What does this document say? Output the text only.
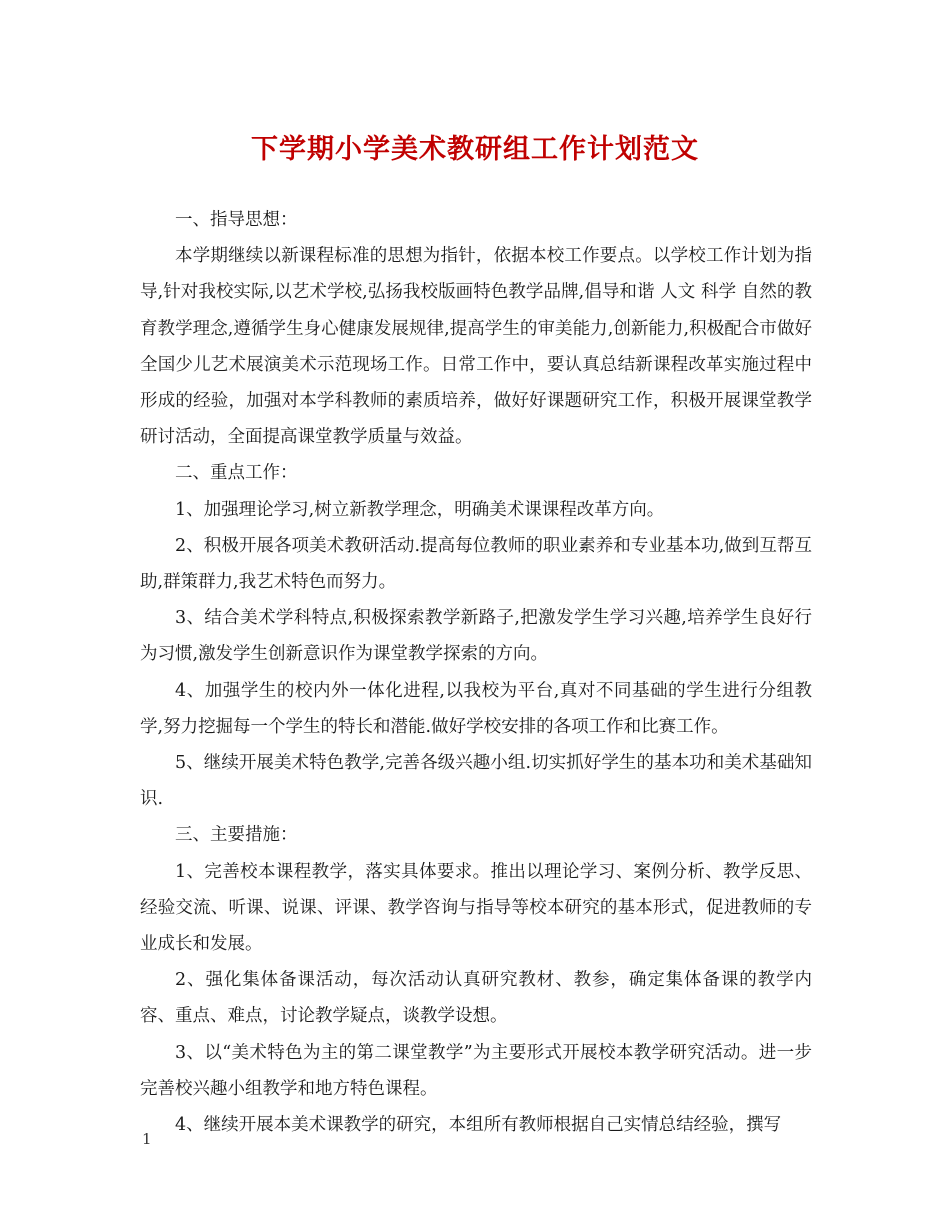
下学期小学美术教研组工作计划范文

一、指导思想：

本学期继续以新课程标准的思想为指针，依据本校工作要点。以学校工作计划为指导,针对我校实际,以艺术学校,弘扬我校版画特色教学品牌,倡导和谐 人文 科学 自然的教育教学理念,遵循学生身心健康发展规律,提高学生的审美能力,创新能力,积极配合市做好全国少儿艺术展演美术示范现场工作。日常工作中，要认真总结新课程改革实施过程中形成的经验，加强对本学科教师的素质培养，做好好课题研究工作，积极开展课堂教学研讨活动，全面提高课堂教学质量与效益。

二、重点工作：

1、加强理论学习,树立新教学理念，明确美术课课程改革方向。

2、积极开展各项美术教研活动.提高每位教师的职业素养和专业基本功,做到互帮互助,群策群力,我艺术特色而努力。

3、结合美术学科特点,积极探索教学新路子,把激发学生学习兴趣,培养学生良好行为习惯,激发学生创新意识作为课堂教学探索的方向。

4、加强学生的校内外一体化进程,以我校为平台,真对不同基础的学生进行分组教学,努力挖掘每一个学生的特长和潜能.做好学校安排的各项工作和比赛工作。

5、继续开展美术特色教学,完善各级兴趣小组.切实抓好学生的基本功和美术基础知识.

三、主要措施：

1、完善校本课程教学，落实具体要求。推出以理论学习、案例分析、教学反思、经验交流、听课、说课、评课、教学咨询与指导等校本研究的基本形式，促进教师的专业成长和发展。

2、强化集体备课活动，每次活动认真研究教材、教参，确定集体备课的教学内容、重点、难点，讨论教学疑点，谈教学设想。

3、以“美术特色为主的第二课堂教学”为主要形式开展校本教学研究活动。进一步完善校兴趣小组教学和地方特色课程。

4、继续开展本美术课教学的研究，本组所有教师根据自己实情总结经验，撰写

1
